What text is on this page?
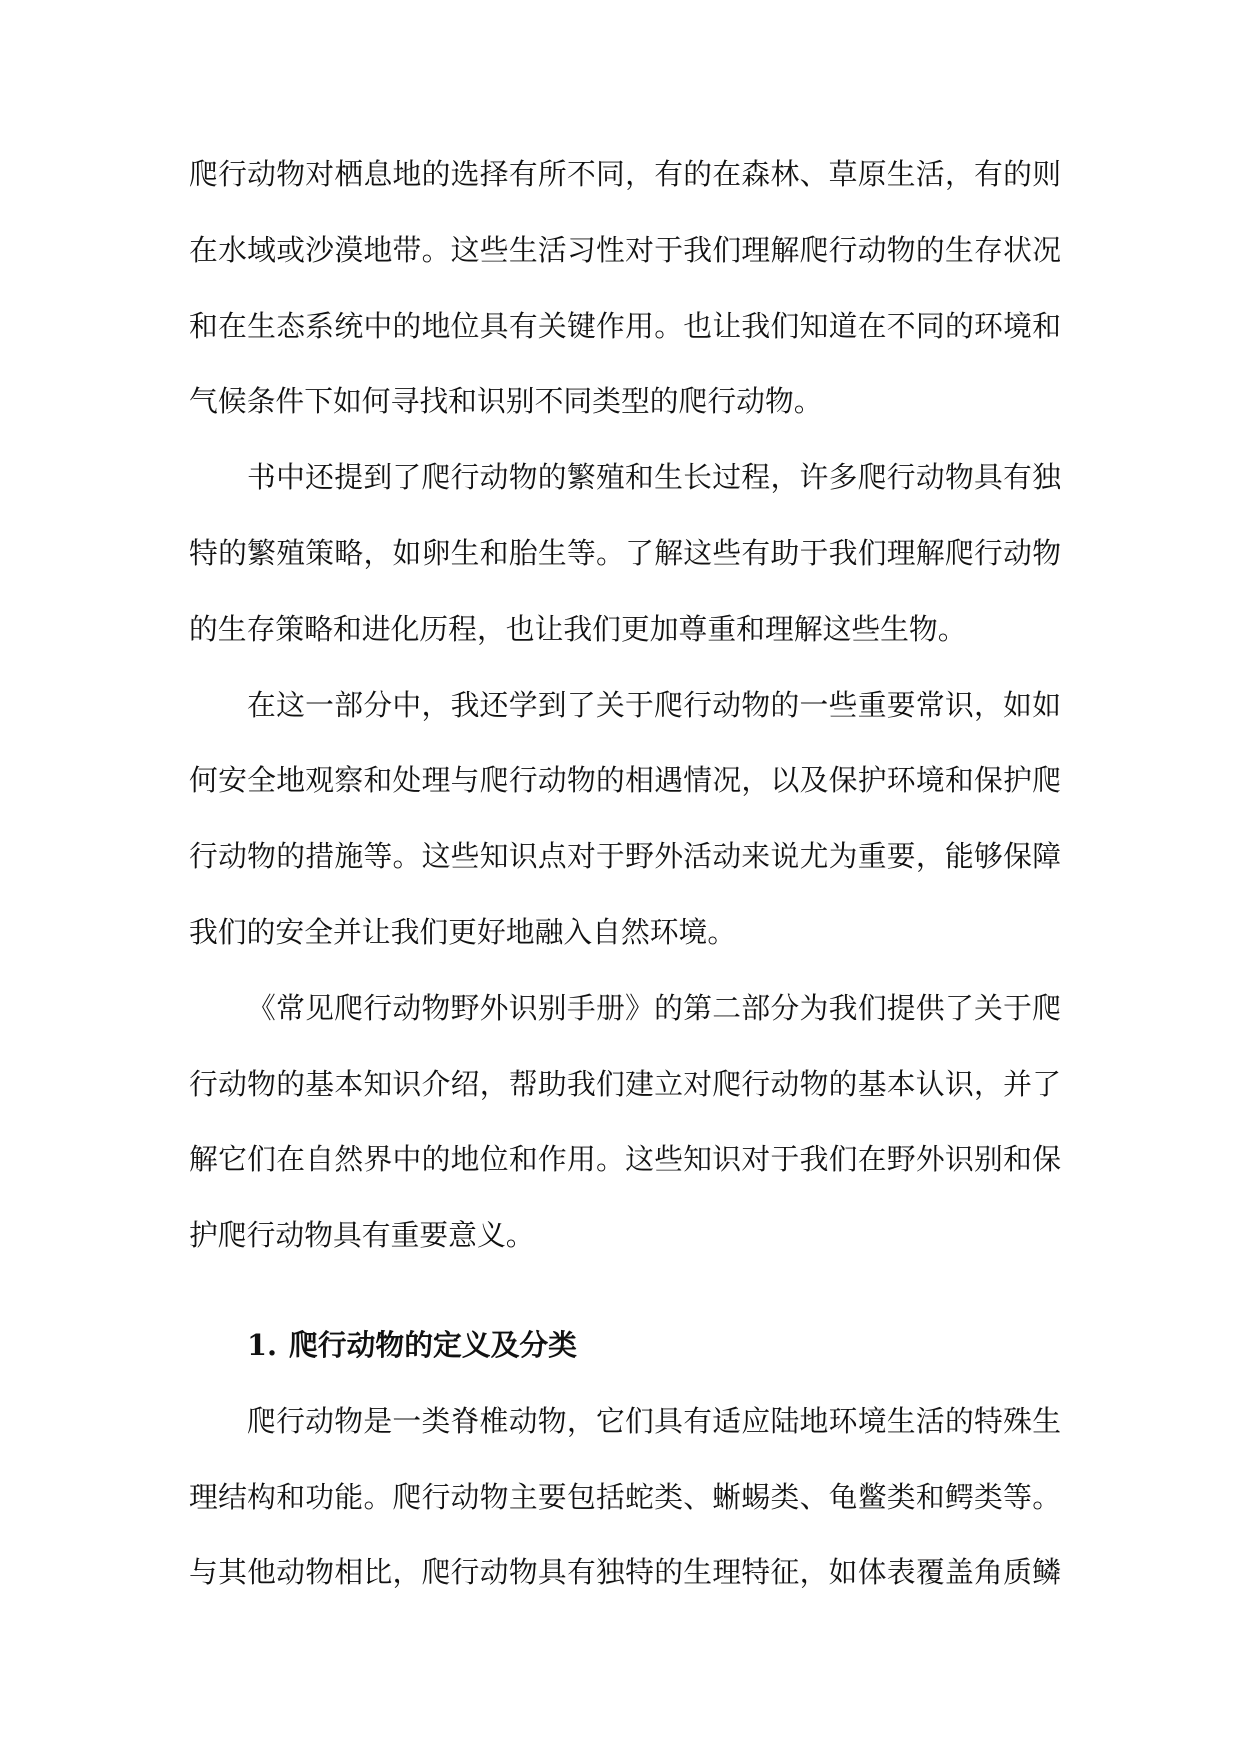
爬行动物对栖息地的选择有所不同，有的在森林、草原生活，有的则
在水域或沙漠地带。这些生活习性对于我们理解爬行动物的生存状况
和在生态系统中的地位具有关键作用。也让我们知道在不同的环境和
气候条件下如何寻找和识别不同类型的爬行动物。
书中还提到了爬行动物的繁殖和生长过程，许多爬行动物具有独
特的繁殖策略，如卵生和胎生等。了解这些有助于我们理解爬行动物
的生存策略和进化历程，也让我们更加尊重和理解这些生物。
在这一部分中，我还学到了关于爬行动物的一些重要常识，如如
何安全地观察和处理与爬行动物的相遇情况，以及保护环境和保护爬
行动物的措施等。这些知识点对于野外活动来说尤为重要，能够保障
我们的安全并让我们更好地融入自然环境。
《常见爬行动物野外识别手册》的第二部分为我们提供了关于爬
行动物的基本知识介绍，帮助我们建立对爬行动物的基本认识，并了
解它们在自然界中的地位和作用。这些知识对于我们在野外识别和保
护爬行动物具有重要意义。
1. 爬行动物的定义及分类
爬行动物是一类脊椎动物，它们具有适应陆地环境生活的特殊生
理结构和功能。爬行动物主要包括蛇类、蜥蜴类、龟鳖类和鳄类等。
与其他动物相比，爬行动物具有独特的生理特征，如体表覆盖角质鳞
